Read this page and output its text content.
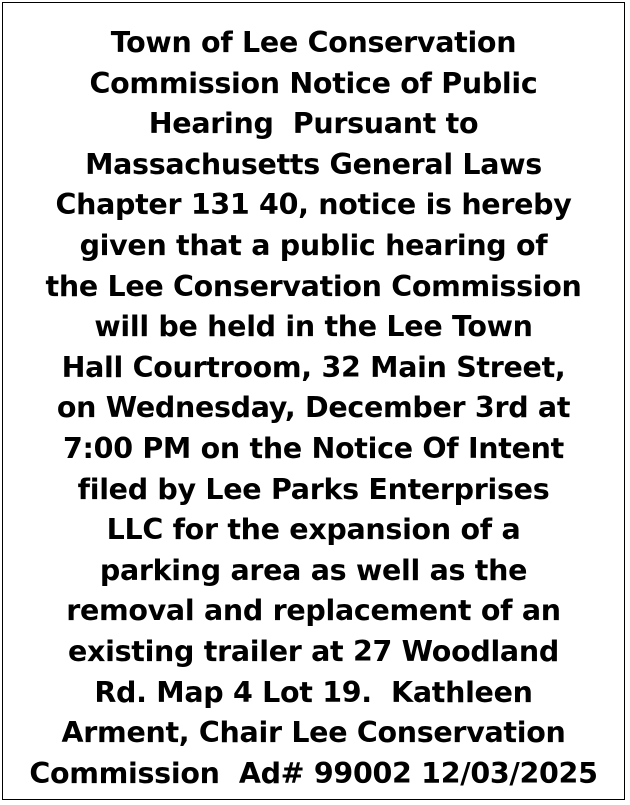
Town of Lee Conservation
Commission Notice of Public
Hearing  Pursuant to
Massachusetts General Laws
Chapter 131 40, notice is hereby
given that a public hearing of
the Lee Conservation Commission
will be held in the Lee Town
Hall Courtroom, 32 Main Street,
on Wednesday, December 3rd at
7:00 PM on the Notice Of Intent
filed by Lee Parks Enterprises
LLC for the expansion of a
parking area as well as the
removal and replacement of an
existing trailer at 27 Woodland
Rd. Map 4 Lot 19.  Kathleen
Arment, Chair Lee Conservation
Commission  Ad# 99002 12/03/2025
